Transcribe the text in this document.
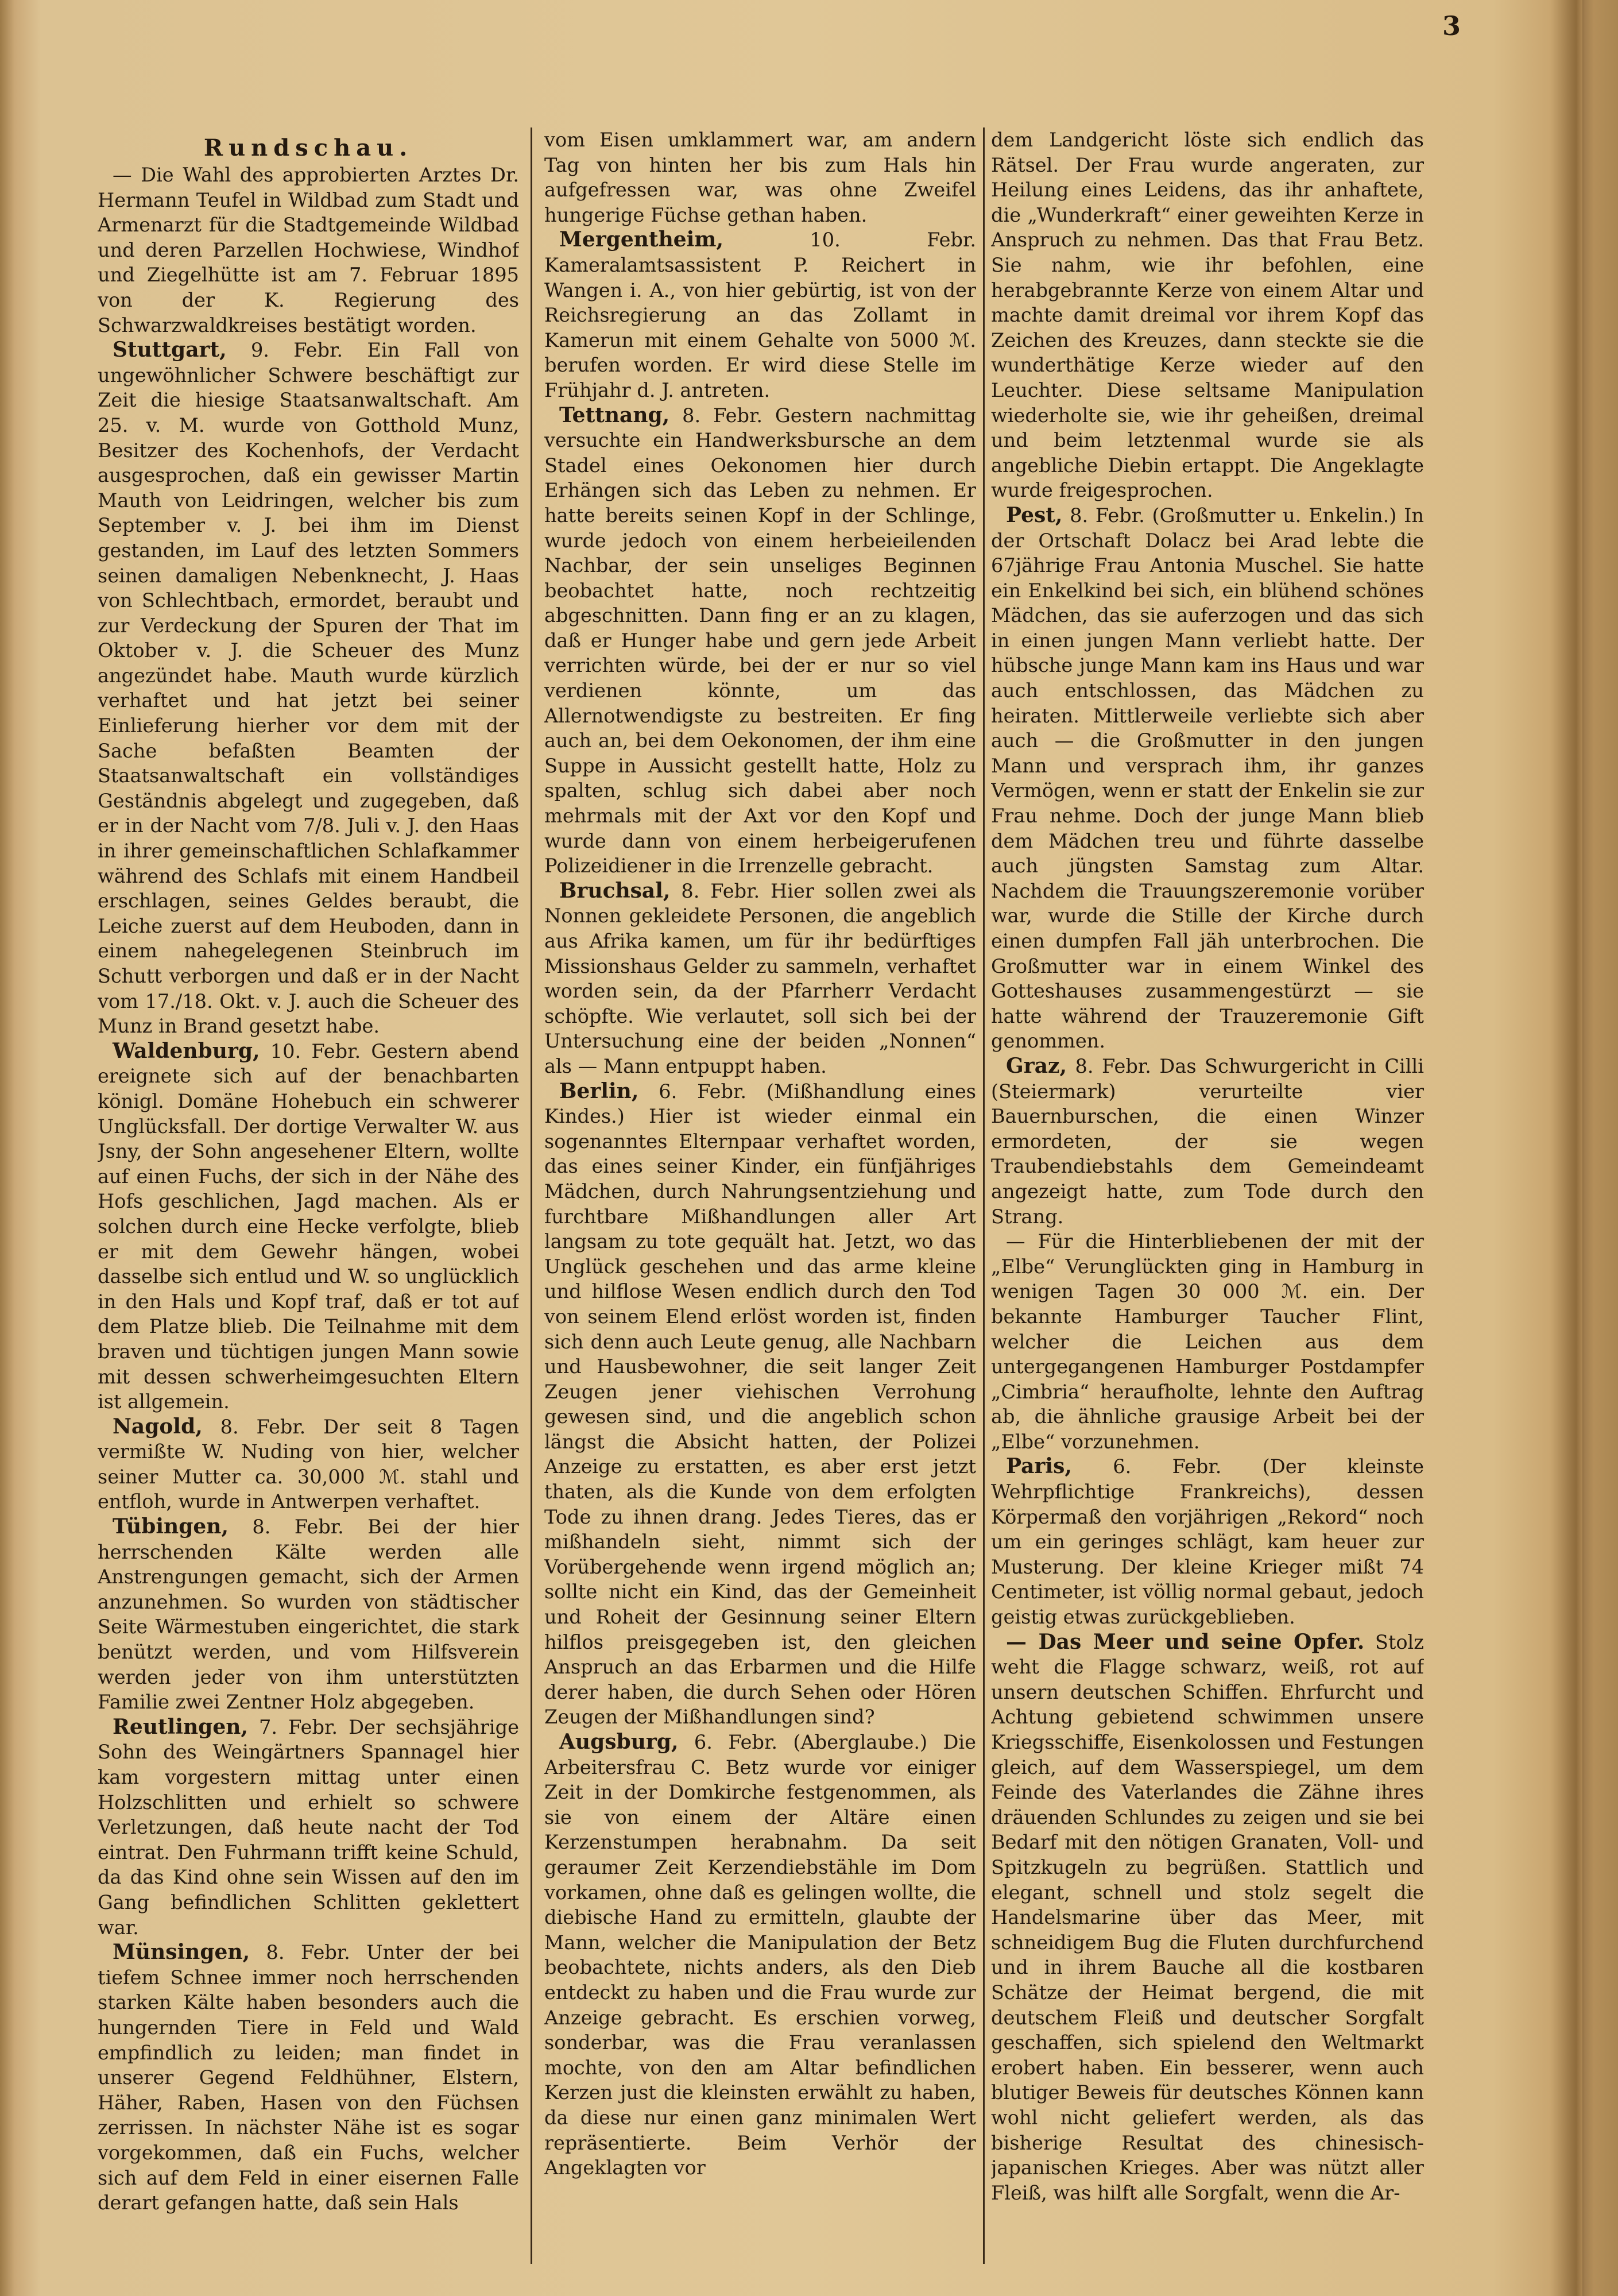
3
Rundschau.

— Die Wahl des approbierten Arztes Dr. Hermann Teufel in Wildbad zum Stadt und Armenarzt für die Stadtgemeinde Wildbad und deren Parzellen Hochwiese, Windhof und Ziegelhütte ist am 7. Februar 1895 von der K. Regierung des Schwarzwaldkreises bestätigt worden.

Stuttgart, 9. Febr. Ein Fall von ungewöhnlicher Schwere beschäftigt zur Zeit die hiesige Staatsanwaltschaft. Am 25. v. M. wurde von Gotthold Munz, Besitzer des Kochenhofs, der Verdacht ausgesprochen, daß ein gewisser Martin Mauth von Leidringen, welcher bis zum September v. J. bei ihm im Dienst gestanden, im Lauf des letzten Sommers seinen damaligen Nebenknecht, J. Haas von Schlechtbach, ermordet, beraubt und zur Verdeckung der Spuren der That im Oktober v. J. die Scheuer des Munz angezündet habe. Mauth wurde kürzlich verhaftet und hat jetzt bei seiner Einlieferung hierher vor dem mit der Sache befaßten Beamten der Staatsanwaltschaft ein vollständiges Geständnis abgelegt und zugegeben, daß er in der Nacht vom 7/8. Juli v. J. den Haas in ihrer gemeinschaftlichen Schlafkammer während des Schlafs mit einem Handbeil erschlagen, seines Geldes beraubt, die Leiche zuerst auf dem Heuboden, dann in einem nahegelegenen Steinbruch im Schutt verborgen und daß er in der Nacht vom 17./18. Okt. v. J. auch die Scheuer des Munz in Brand gesetzt habe.

Waldenburg, 10. Febr. Gestern abend ereignete sich auf der benachbarten königl. Domäne Hohebuch ein schwerer Unglücksfall. Der dortige Verwalter W. aus Jsny, der Sohn angesehener Eltern, wollte auf einen Fuchs, der sich in der Nähe des Hofs geschlichen, Jagd machen. Als er solchen durch eine Hecke verfolgte, blieb er mit dem Gewehr hängen, wobei dasselbe sich entlud und W. so unglücklich in den Hals und Kopf traf, daß er tot auf dem Platze blieb. Die Teilnahme mit dem braven und tüchtigen jungen Mann sowie mit dessen schwerheimgesuchten Eltern ist allgemein.

Nagold, 8. Febr. Der seit 8 Tagen vermißte W. Nuding von hier, welcher seiner Mutter ca. 30,000 ℳ. stahl und entfloh, wurde in Antwerpen verhaftet.

Tübingen, 8. Febr. Bei der hier herrschenden Kälte werden alle Anstrengungen gemacht, sich der Armen anzunehmen. So wurden von städtischer Seite Wärmestuben eingerichtet, die stark benützt werden, und vom Hilfsverein werden jeder von ihm unterstützten Familie zwei Zentner Holz abgegeben.

Reutlingen, 7. Febr. Der sechsjährige Sohn des Weingärtners Spannagel hier kam vorgestern mittag unter einen Holzschlitten und erhielt so schwere Verletzungen, daß heute nacht der Tod eintrat. Den Fuhrmann trifft keine Schuld, da das Kind ohne sein Wissen auf den im Gang befindlichen Schlitten geklettert war.

Münsingen, 8. Febr. Unter der bei tiefem Schnee immer noch herrschenden starken Kälte haben besonders auch die hungernden Tiere in Feld und Wald empfindlich zu leiden; man findet in unserer Gegend Feldhühner, Elstern, Häher, Raben, Hasen von den Füchsen zerrissen. In nächster Nähe ist es sogar vorgekommen, daß ein Fuchs, welcher sich auf dem Feld in einer eisernen Falle derart gefangen hatte, daß sein Hals

vom Eisen umklammert war, am andern Tag von hinten her bis zum Hals hin aufgefressen war, was ohne Zweifel hungerige Füchse gethan haben.

Mergentheim,	10. Febr. Kameralamtsassistent P. Reichert in Wangen i. A., von hier gebürtig, ist von der Reichsregierung an das Zollamt in Kamerun mit einem Gehalte von 5000 ℳ. berufen worden. Er wird diese Stelle im Frühjahr d. J. antreten.

Tettnang, 8. Febr. Gestern nachmittag versuchte ein Handwerksbursche an dem Stadel eines Oekonomen hier durch Erhängen sich das Leben zu nehmen. Er hatte bereits seinen Kopf in der Schlinge, wurde jedoch von einem herbeieilenden Nachbar, der sein unseliges Beginnen beobachtet hatte, noch rechtzeitig abgeschnitten. Dann fing er an zu klagen, daß er Hunger habe und gern jede Arbeit verrichten würde, bei der er nur so viel verdienen könnte, um das Allernotwendigste zu bestreiten. Er fing auch an, bei dem Oekonomen, der ihm eine Suppe in Aussicht gestellt hatte, Holz zu spalten, schlug sich dabei aber noch mehrmals mit der Axt vor den Kopf und wurde dann von einem herbeigerufenen Polizeidiener in die Irrenzelle gebracht.

Bruchsal, 8. Febr. Hier sollen zwei als Nonnen gekleidete Personen, die angeblich aus Afrika kamen, um für ihr bedürftiges Missionshaus Gelder zu sammeln, verhaftet worden sein, da der Pfarrherr Verdacht schöpfte. Wie verlautet, soll sich bei der Untersuchung eine der beiden „Nonnen“ als — Mann entpuppt haben.

Berlin, 6. Febr. (Mißhandlung eines Kindes.) Hier ist wieder einmal ein sogenanntes Elternpaar verhaftet worden, das eines seiner Kinder, ein fünfjähriges Mädchen, durch Nahrungsentziehung und furchtbare Mißhandlungen aller Art langsam zu tote gequält hat. Jetzt, wo das Unglück geschehen und das arme kleine und hilflose Wesen endlich durch den Tod von seinem Elend erlöst worden ist, finden sich denn auch Leute genug, alle Nachbarn und Hausbewohner, die seit langer Zeit Zeugen jener viehischen Verrohung gewesen sind, und die angeblich schon längst die Absicht hatten, der Polizei Anzeige zu erstatten, es aber erst jetzt thaten, als die Kunde von dem erfolgten Tode zu ihnen drang. Jedes Tieres, das er mißhandeln sieht, nimmt sich der Vorübergehende wenn irgend möglich an; sollte nicht ein Kind, das der Gemeinheit und Roheit der Gesinnung seiner Eltern hilflos preisgegeben ist, den gleichen Anspruch an das Erbarmen und die Hilfe derer haben, die durch Sehen oder Hören Zeugen der Mißhandlungen sind?

Augsburg, 6. Febr. (Aberglaube.) Die Arbeitersfrau C. Betz wurde vor einiger Zeit in der Domkirche festgenommen, als sie von einem der Altäre einen Kerzenstumpen herabnahm. Da seit geraumer Zeit Kerzendiebstähle im Dom vorkamen, ohne daß es gelingen wollte, die diebische Hand zu ermitteln, glaubte der Mann, welcher die Manipulation der Betz beobachtete, nichts anders, als den Dieb entdeckt zu haben und die Frau wurde zur Anzeige gebracht. Es erschien vorweg, sonderbar, was die Frau veranlassen mochte, von den am Altar befindlichen Kerzen just die kleinsten erwählt zu haben, da diese nur einen ganz minimalen Wert repräsentierte. Beim Verhör der Angeklagten vor

dem Landgericht löste sich endlich das Rätsel. Der Frau wurde angeraten, zur Heilung eines Leidens, das ihr anhaftete, die „Wunderkraft“ einer geweihten Kerze in Anspruch zu nehmen. Das that Frau Betz. Sie nahm, wie ihr befohlen, eine herabgebrannte Kerze von einem Altar und machte damit dreimal vor ihrem Kopf das Zeichen des Kreuzes, dann steckte sie die wunderthätige Kerze wieder auf den Leuchter. Diese seltsame Manipulation wiederholte sie, wie ihr geheißen, dreimal und beim letztenmal wurde sie als angebliche Diebin ertappt. Die Angeklagte wurde freigesprochen.

Pest, 8. Febr. (Großmutter u. Enkelin.) In der Ortschaft Dolacz bei Arad lebte die 67jährige Frau Antonia Muschel. Sie hatte ein Enkelkind bei sich, ein blühend schönes Mädchen, das sie auferzogen und das sich in einen jungen Mann verliebt hatte. Der hübsche junge Mann kam ins Haus und war auch entschlossen, das Mädchen zu heiraten. Mittlerweile verliebte sich aber auch — die Großmutter in den jungen Mann und versprach ihm, ihr ganzes Vermögen, wenn er statt der Enkelin sie zur Frau nehme. Doch der junge Mann blieb dem Mädchen treu und führte dasselbe auch jüngsten Samstag zum Altar. Nachdem die Trauungszeremonie vorüber war, wurde die Stille der Kirche durch einen dumpfen Fall jäh unterbrochen. Die Großmutter war in einem Winkel des Gotteshauses zusammengestürzt — sie hatte während der Trauzeremonie Gift genommen.

Graz, 8. Febr. Das Schwurgericht in Cilli (Steiermark) verurteilte vier Bauernburschen, die einen Winzer ermordeten, der sie wegen Traubendiebstahls dem Gemeindeamt angezeigt hatte, zum Tode durch den Strang.

— Für die Hinterbliebenen der mit der „Elbe“ Verunglückten ging in Hamburg in wenigen Tagen 30 000 ℳ. ein. Der bekannte Hamburger Taucher Flint, welcher die Leichen aus dem untergegangenen Hamburger Postdampfer „Cimbria“ heraufholte, lehnte den Auftrag ab, die ähnliche grausige Arbeit bei der „Elbe“ vorzunehmen.

Paris, 6. Febr. (Der kleinste Wehrpflichtige Frankreichs), dessen Körpermaß den vorjährigen „Rekord“ noch um ein geringes schlägt, kam heuer zur Musterung. Der kleine Krieger mißt 74 Centimeter, ist völlig normal gebaut, jedoch geistig etwas zurückgeblieben.

— Das Meer und seine Opfer. Stolz weht die Flagge schwarz, weiß, rot auf unsern deutschen Schiffen. Ehrfurcht und Achtung gebietend schwimmen unsere Kriegsschiffe, Eisenkolossen und Festungen gleich, auf dem Wasserspiegel, um dem Feinde des Vaterlandes die Zähne ihres dräuenden Schlundes zu zeigen und sie bei Bedarf mit den nötigen Granaten, Voll- und Spitzkugeln zu begrüßen. Stattlich und elegant, schnell und stolz segelt die Handelsmarine über das Meer, mit schneidigem Bug die Fluten durchfurchend und in ihrem Bauche all die kostbaren Schätze der Heimat bergend, die mit deutschem Fleiß und deutscher Sorgfalt geschaffen, sich spielend den Weltmarkt erobert haben. Ein besserer, wenn auch blutiger Beweis für deutsches Können kann wohl nicht geliefert werden, als das bisherige Resultat des chinesisch-japanischen Krieges. Aber was nützt aller Fleiß, was hilft alle Sorgfalt, wenn die Ar-
